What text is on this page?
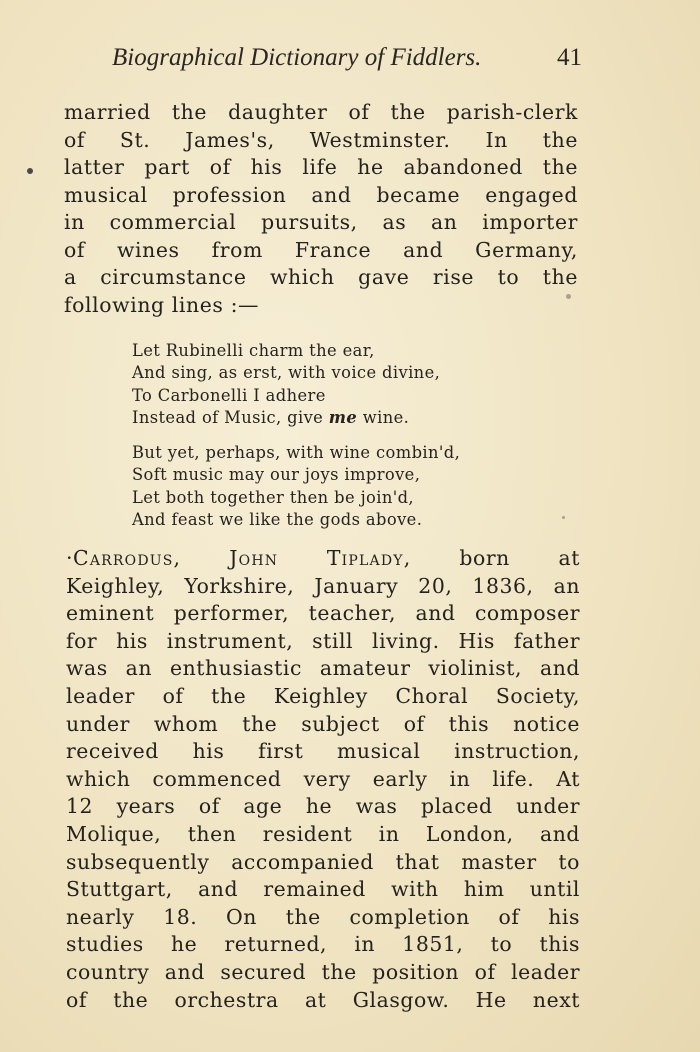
Biographical Dictionary of Fiddlers.	41
married the daughter of the parish-clerk
of St. James's, Westminster. In the
latter part of his life he abandoned the
musical profession and became engaged
in commercial pursuits, as an importer
of wines from France and Germany,
a circumstance which gave rise to the
following lines :—
Let Rubinelli charm the ear,
And sing, as erst, with voice divine,
To Carbonelli I adhere
Instead of Music, give me wine.
But yet, perhaps, with wine combin'd,
Soft music may our joys improve,
Let both together then be join'd,
And feast we like the gods above.
·Carrodus, John Tiplady, born at
Keighley, Yorkshire, January 20, 1836, an
eminent performer, teacher, and composer
for his instrument, still living. His father
was an enthusiastic amateur violinist, and
leader of the Keighley Choral Society,
under whom the subject of this notice
received his first musical instruction,
which commenced very early in life. At
12 years of age he was placed under
Molique, then resident in London, and
subsequently accompanied that master to
Stuttgart, and remained with him until
nearly 18. On the completion of his
studies he returned, in 1851, to this
country and secured the position of leader
of the orchestra at Glasgow. He next
